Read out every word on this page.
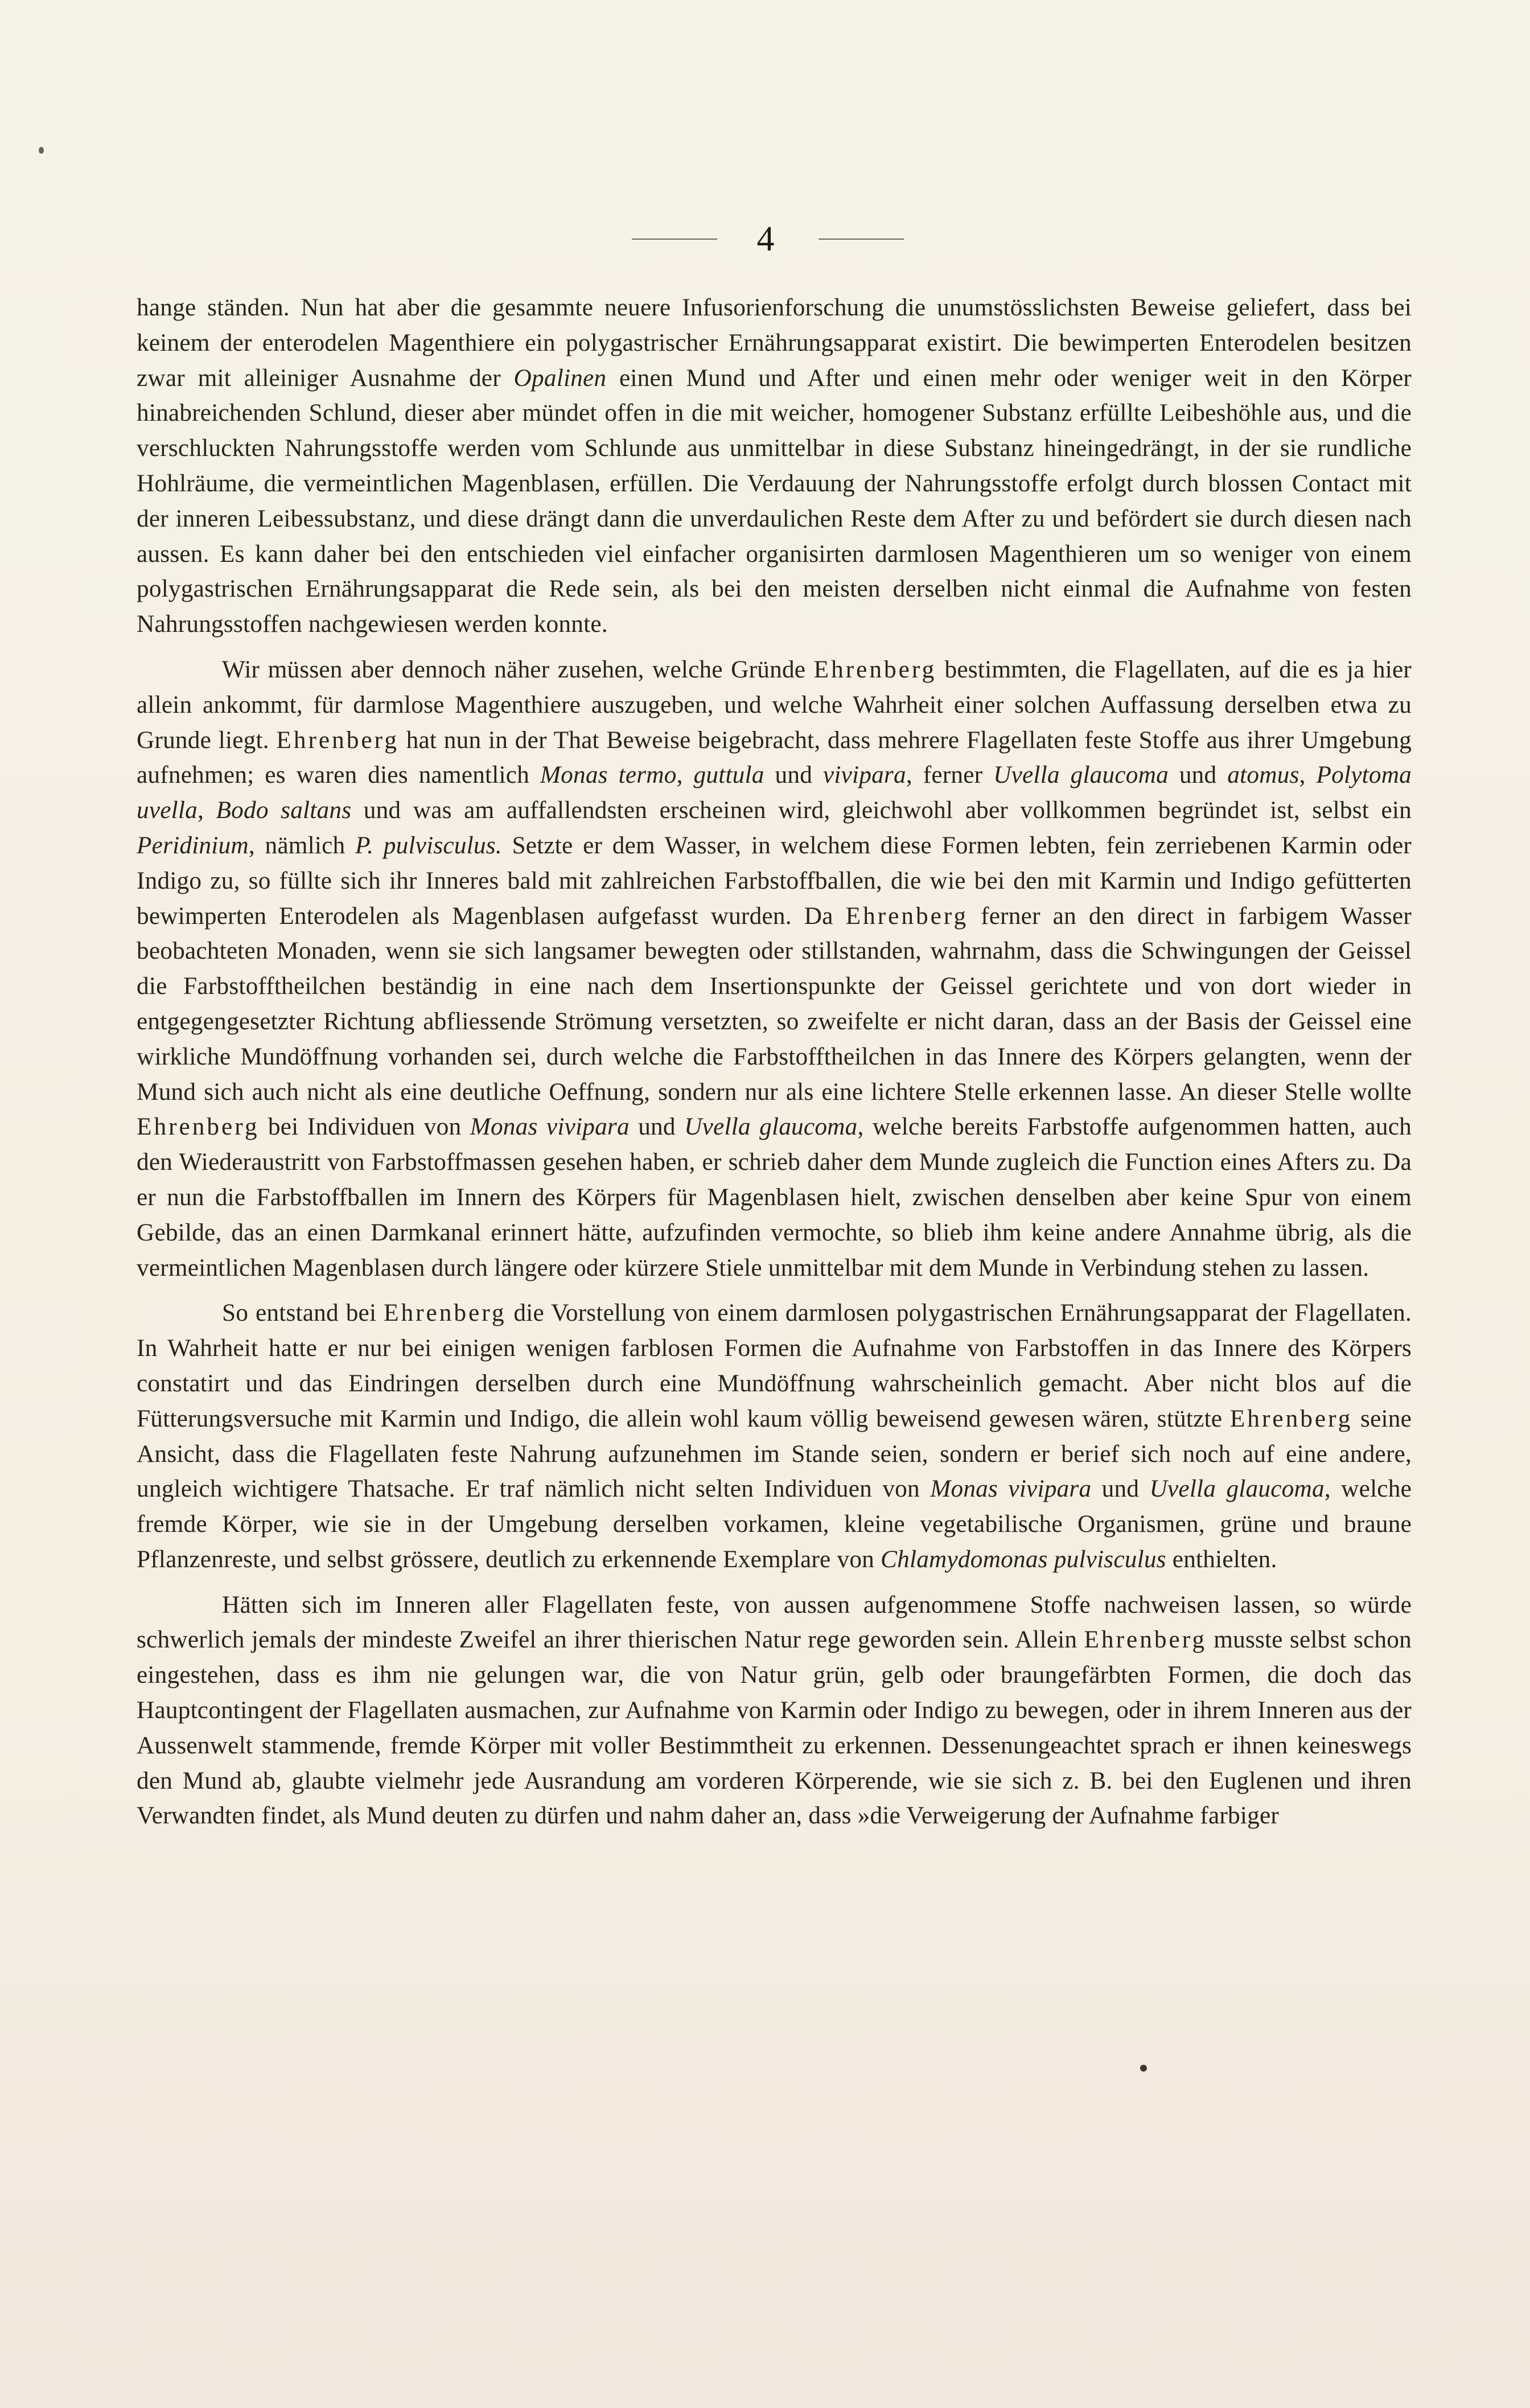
4

hange ständen. Nun hat aber die gesammte neuere Infusorienforschung die unumstösslichsten Beweise geliefert, dass bei keinem der enterodelen Magenthiere ein polygastrischer Ernährungsapparat existirt. Die bewimperten Enterodelen besitzen zwar mit alleiniger Ausnahme der Opalinen einen Mund und After und einen mehr oder weniger weit in den Körper hinabreichenden Schlund, dieser aber mündet offen in die mit weicher, homogener Substanz erfüllte Leibeshöhle aus, und die verschluckten Nahrungsstoffe werden vom Schlunde aus unmittelbar in diese Substanz hineingedrängt, in der sie rundliche Hohlräume, die vermeintlichen Magenblasen, erfüllen. Die Verdauung der Nahrungsstoffe erfolgt durch blossen Contact mit der inneren Leibessubstanz, und diese drängt dann die unverdaulichen Reste dem After zu und befördert sie durch diesen nach aussen. Es kann daher bei den entschieden viel einfacher organisirten darmlosen Magenthieren um so weniger von einem polygastrischen Ernährungsapparat die Rede sein, als bei den meisten derselben nicht einmal die Aufnahme von festen Nahrungsstoffen nachgewiesen werden konnte.

Wir müssen aber dennoch näher zusehen, welche Gründe Ehrenberg bestimmten, die Flagellaten, auf die es ja hier allein ankommt, für darmlose Magenthiere auszugeben, und welche Wahrheit einer solchen Auffassung derselben etwa zu Grunde liegt. Ehrenberg hat nun in der That Beweise beigebracht, dass mehrere Flagellaten feste Stoffe aus ihrer Umgebung aufnehmen; es waren dies namentlich Monas termo, guttula und vivipara, ferner Uvella glaucoma und atomus, Polytoma uvella, Bodo saltans und was am auffallendsten erscheinen wird, gleichwohl aber vollkommen begründet ist, selbst ein Peridinium, nämlich P. pulvisculus. Setzte er dem Wasser, in welchem diese Formen lebten, fein zerriebenen Karmin oder Indigo zu, so füllte sich ihr Inneres bald mit zahlreichen Farbstoffballen, die wie bei den mit Karmin und Indigo gefütterten bewimperten Enterodelen als Magenblasen aufgefasst wurden. Da Ehrenberg ferner an den direct in farbigem Wasser beobachteten Monaden, wenn sie sich langsamer bewegten oder stillstanden, wahrnahm, dass die Schwingungen der Geissel die Farbstofftheilchen beständig in eine nach dem Insertionspunkte der Geissel gerichtete und von dort wieder in entgegengesetzter Richtung abfliessende Strömung versetzten, so zweifelte er nicht daran, dass an der Basis der Geissel eine wirkliche Mundöffnung vorhanden sei, durch welche die Farbstofftheilchen in das Innere des Körpers gelangten, wenn der Mund sich auch nicht als eine deutliche Oeffnung, sondern nur als eine lichtere Stelle erkennen lasse. An dieser Stelle wollte Ehrenberg bei Individuen von Monas vivipara und Uvella glaucoma, welche bereits Farbstoffe aufgenommen hatten, auch den Wiederaustritt von Farbstoffmassen gesehen haben, er schrieb daher dem Munde zugleich die Function eines Afters zu. Da er nun die Farbstoffballen im Innern des Körpers für Magenblasen hielt, zwischen denselben aber keine Spur von einem Gebilde, das an einen Darmkanal erinnert hätte, aufzufinden vermochte, so blieb ihm keine andere Annahme übrig, als die vermeintlichen Magenblasen durch längere oder kürzere Stiele unmittelbar mit dem Munde in Verbindung stehen zu lassen.

So entstand bei Ehrenberg die Vorstellung von einem darmlosen polygastrischen Ernährungsapparat der Flagellaten. In Wahrheit hatte er nur bei einigen wenigen farblosen Formen die Aufnahme von Farbstoffen in das Innere des Körpers constatirt und das Eindringen derselben durch eine Mundöffnung wahrscheinlich gemacht. Aber nicht blos auf die Fütterungsversuche mit Karmin und Indigo, die allein wohl kaum völlig beweisend gewesen wären, stützte Ehrenberg seine Ansicht, dass die Flagellaten feste Nahrung aufzunehmen im Stande seien, sondern er berief sich noch auf eine andere, ungleich wichtigere Thatsache. Er traf nämlich nicht selten Individuen von Monas vivipara und Uvella glaucoma, welche fremde Körper, wie sie in der Umgebung derselben vorkamen, kleine vegetabilische Organismen, grüne und braune Pflanzenreste, und selbst grössere, deutlich zu erkennende Exemplare von Chlamydomonas pulvisculus enthielten.

Hätten sich im Inneren aller Flagellaten feste, von aussen aufgenommene Stoffe nachweisen lassen, so würde schwerlich jemals der mindeste Zweifel an ihrer thierischen Natur rege geworden sein. Allein Ehrenberg musste selbst schon eingestehen, dass es ihm nie gelungen war, die von Natur grün, gelb oder braungefärbten Formen, die doch das Hauptcontingent der Flagellaten ausmachen, zur Aufnahme von Karmin oder Indigo zu bewegen, oder in ihrem Inneren aus der Aussenwelt stammende, fremde Körper mit voller Bestimmtheit zu erkennen. Dessenungeachtet sprach er ihnen keineswegs den Mund ab, glaubte vielmehr jede Ausrandung am vorderen Körperende, wie sie sich z. B. bei den Euglenen und ihren Verwandten findet, als Mund deuten zu dürfen und nahm daher an, dass »die Verweigerung der Aufnahme farbiger
